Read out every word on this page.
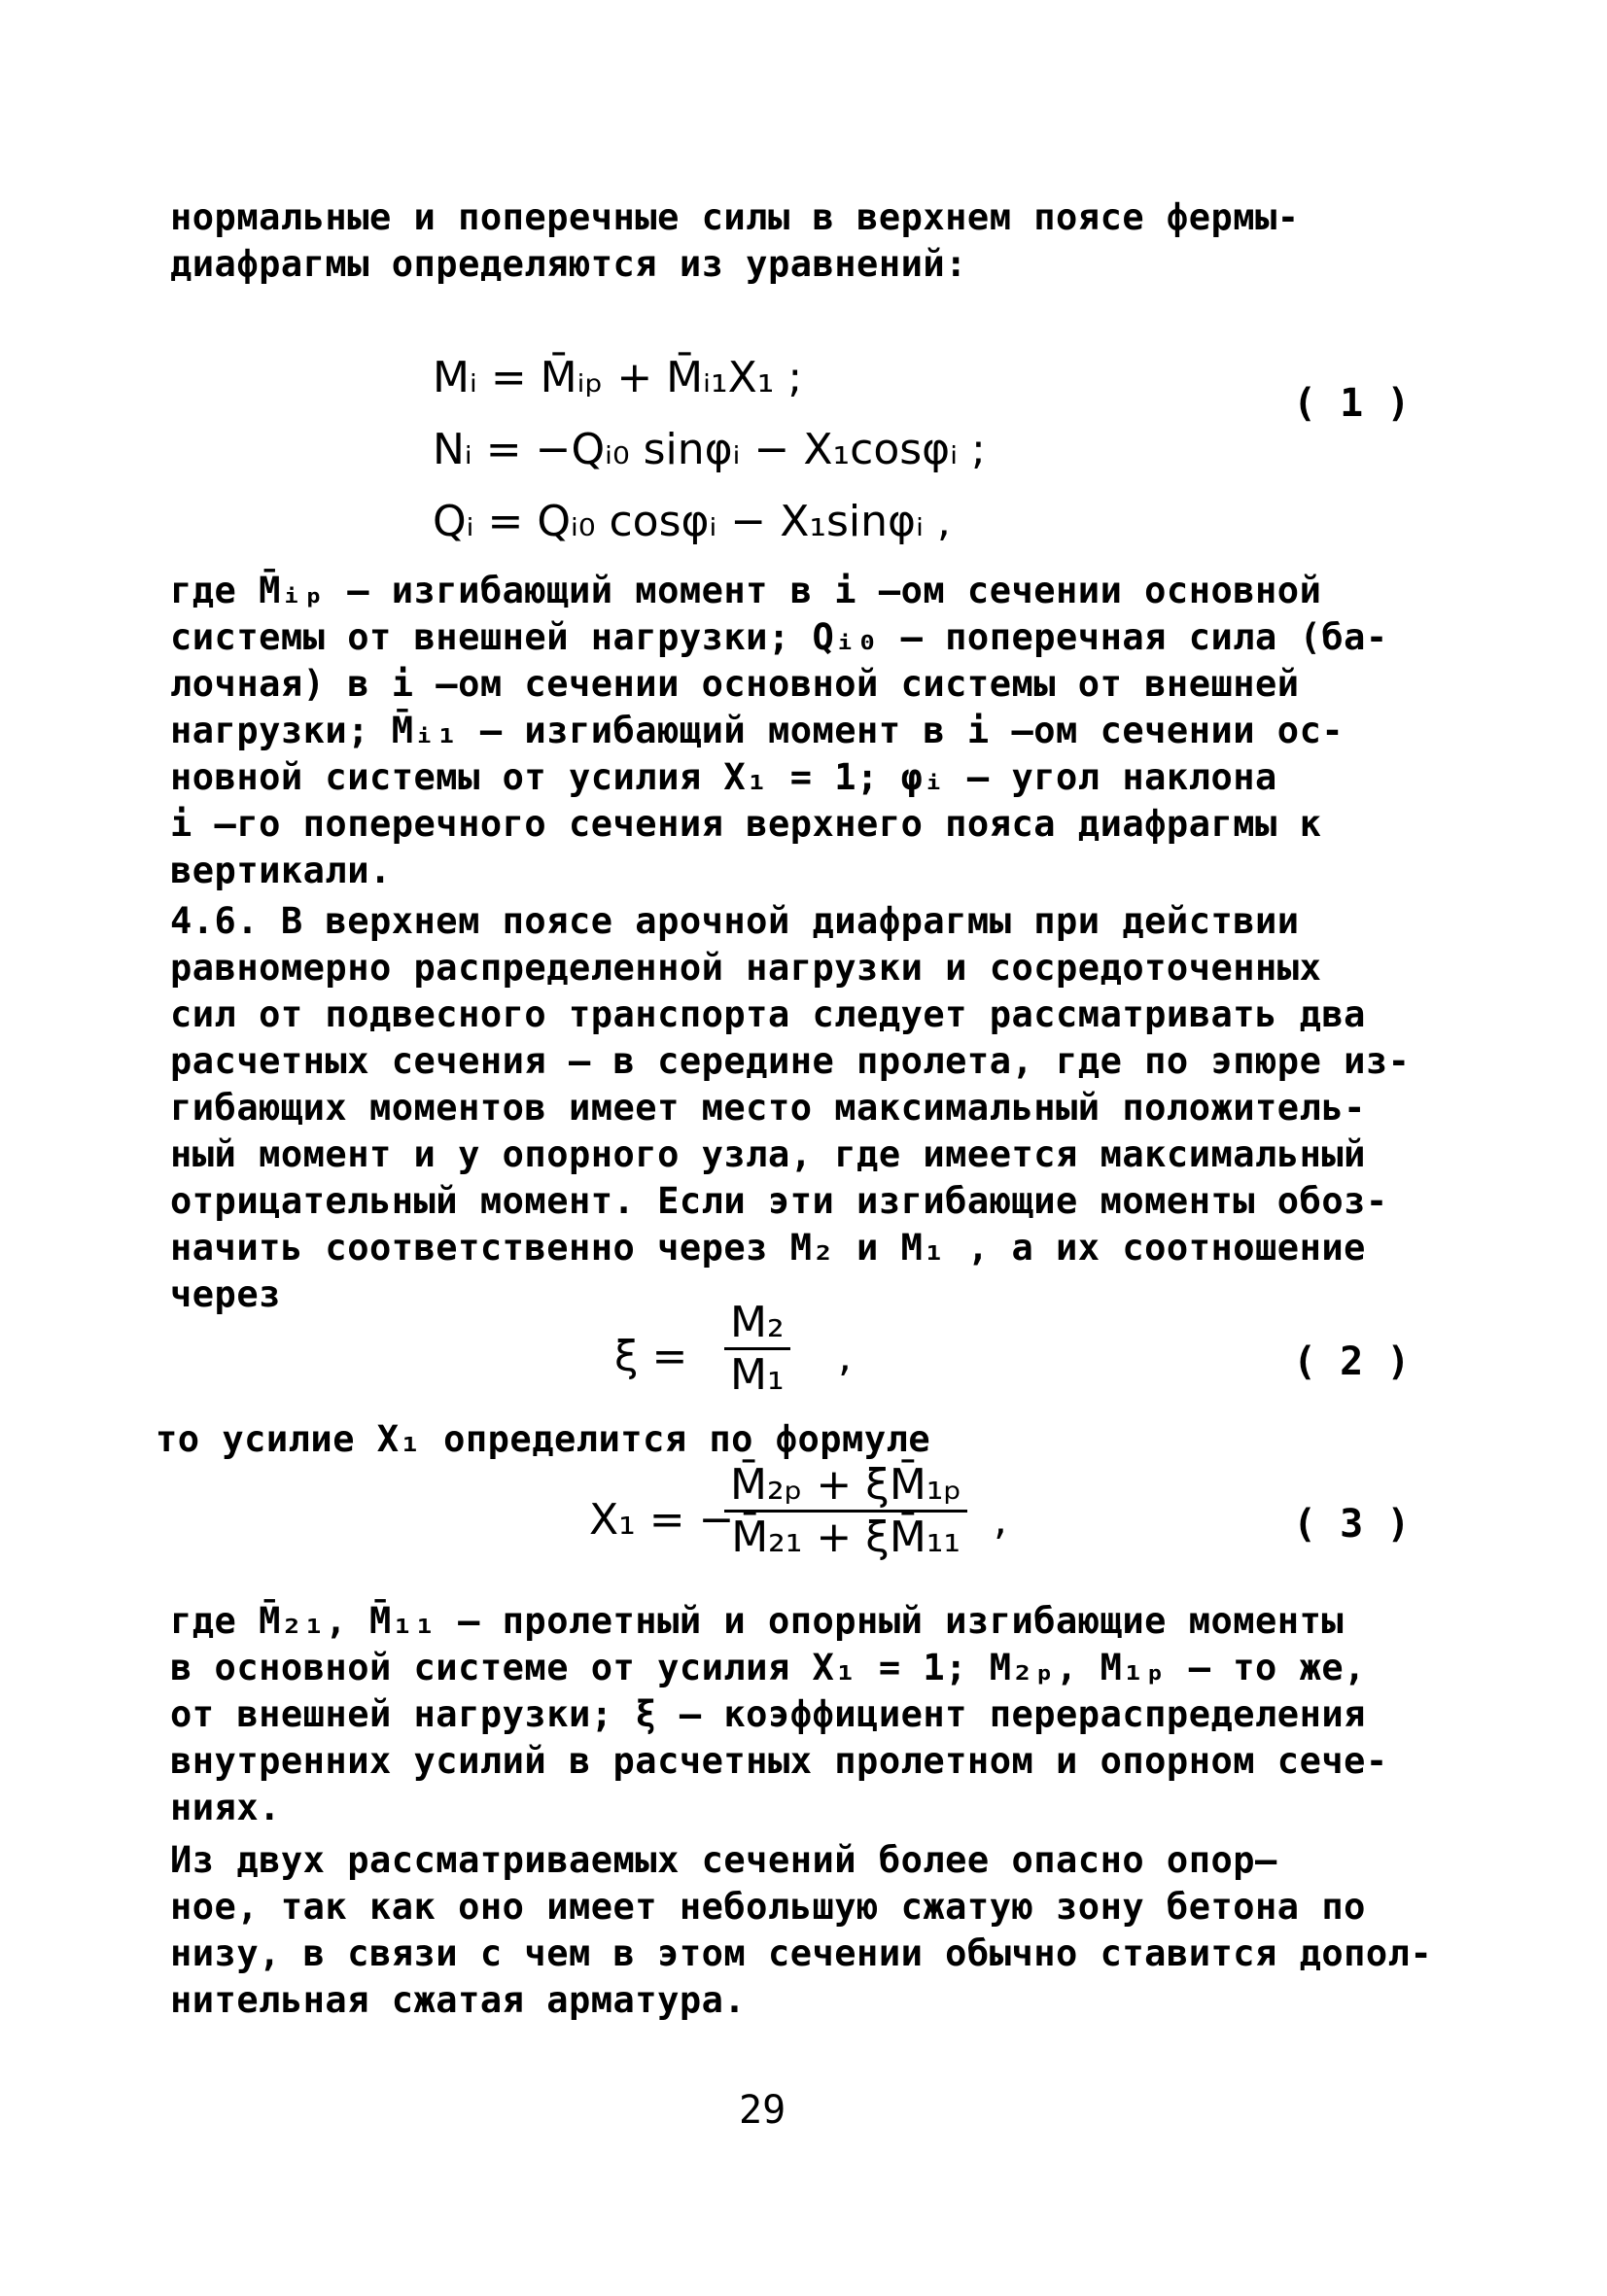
нормальные и поперечные силы в верхнем поясе фермы-
диафрагмы определяются из уравнений:
Mᵢ = M̄ᵢₚ + M̄ᵢ₁X₁ ;
Nᵢ = −Qᵢ₀ sinφᵢ − X₁cosφᵢ ;
Qᵢ = Qᵢ₀ cosφᵢ − X₁sinφᵢ ,
( 1 )
где M̄ᵢₚ – изгибающий момент в i –ом сечении основной
системы от внешней нагрузки; Qᵢ₀ – поперечная сила (ба-
лочная) в i –ом сечении основной системы от внешней
нагрузки; M̄ᵢ₁ – изгибающий момент в i –ом сечении ос-
новной системы от усилия X₁ = 1; φᵢ – угол наклона
i –го поперечного сечения верхнего пояса диафрагмы к
вертикали.
4.6. В верхнем поясе арочной диафрагмы при действии
равномерно распределенной нагрузки и сосредоточенных
сил от подвесного транспорта следует рассматривать два
расчетных сечения – в середине пролета, где по эпюре из-
гибающих моментов имеет место максимальный положитель-
ный момент и у опорного узла, где имеется максимальный
отрицательный момент. Если эти изгибающие моменты обоз-
начить соответственно через M₂ и M₁ , а их соотношение
через
$\xi = \frac{\text{M₂}}{\text{M₁}}$ ,	( 2 )
то усилие X₁ определится по формуле
X₁ = −
$\frac{\text{M̄₂ₚ + ξM̄₁ₚ}}{\text{M̄₂₁ + ξM̄₁₁}}$ ,	( 3 )
где M̄₂₁, M̄₁₁ – пролетный и опорный изгибающие моменты
в основной системе от усилия X₁ = 1; M₂ₚ, M₁ₚ – то же,
от внешней нагрузки; ξ – коэффициент перераспределения
внутренних усилий в расчетных пролетном и опорном сече-
ниях.
Из двух рассматриваемых сечений более опасно опор–
ное, так как оно имеет небольшую сжатую зону бетона по
низу, в связи с чем в этом сечении обычно ставится допол-
нительная сжатая арматура.
29
